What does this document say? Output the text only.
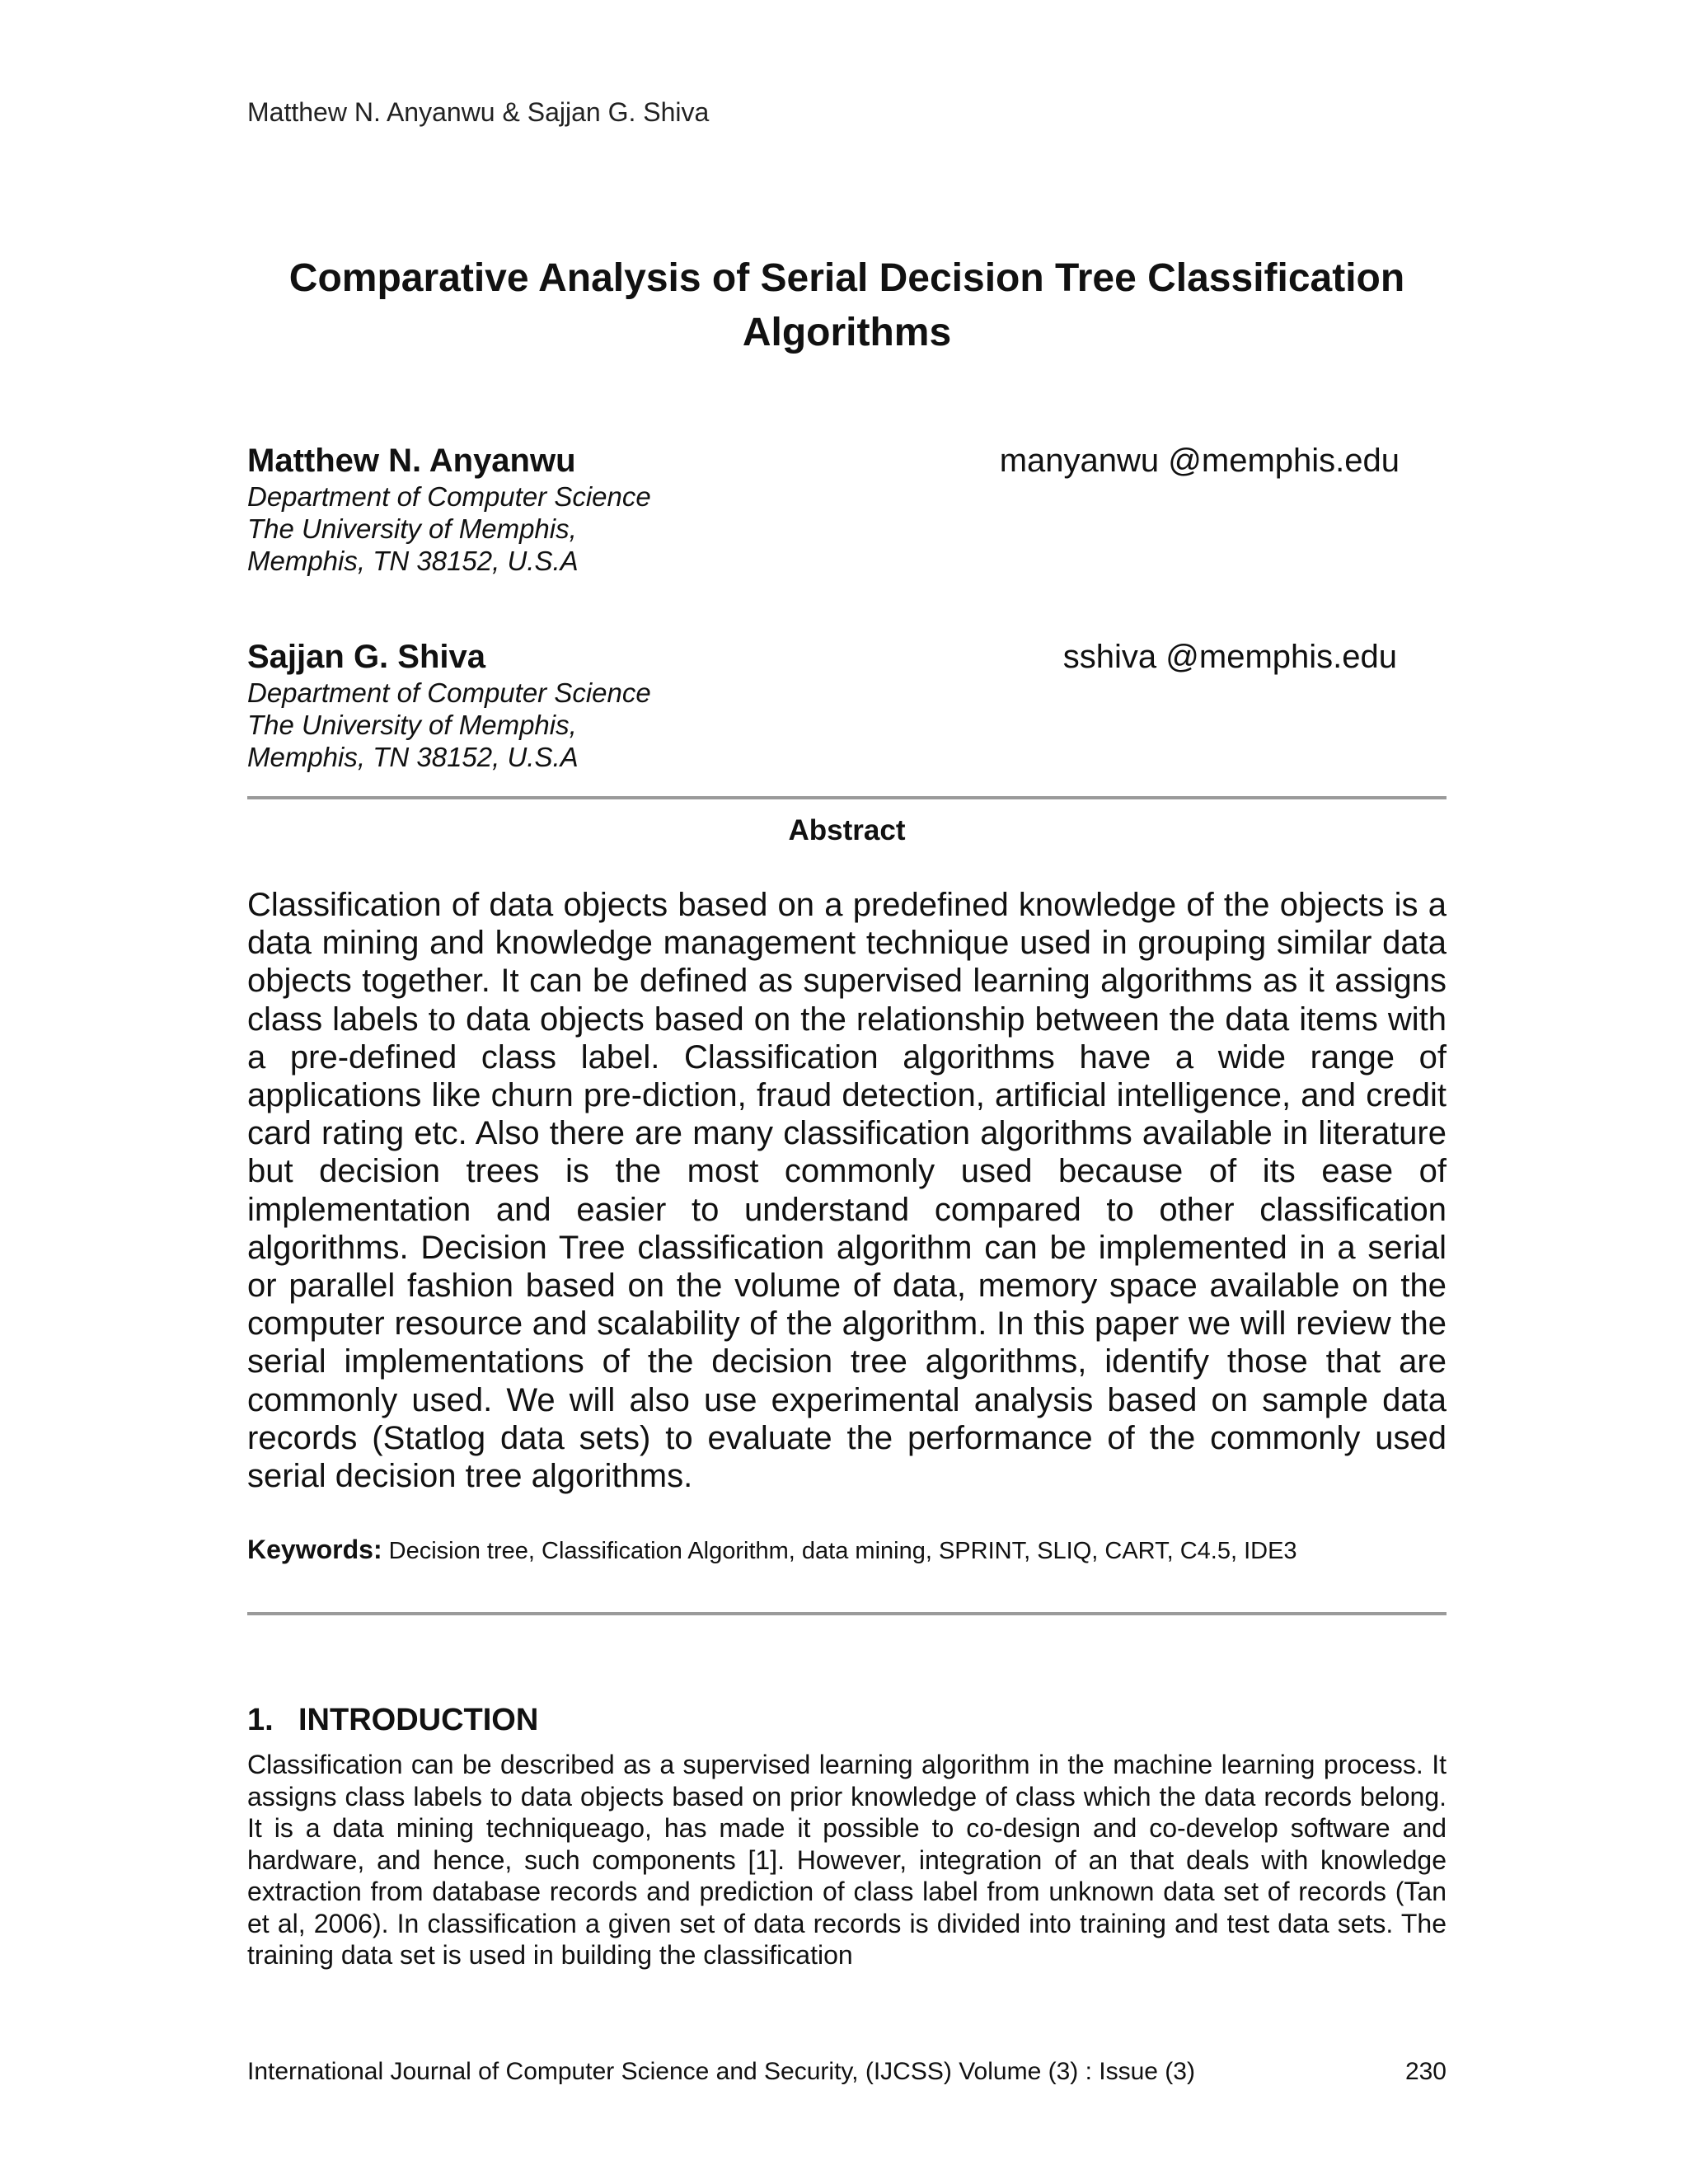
Matthew N. Anyanwu & Sajjan G. Shiva
Comparative Analysis of Serial Decision Tree Classification
Algorithms
Matthew N. Anyanwu	manyanwu @memphis.edu
Department of Computer Science
The University of Memphis,
Memphis, TN 38152, U.S.A
Sajjan G. Shiva	sshiva @memphis.edu
Department of Computer Science
The University of Memphis,
Memphis, TN 38152, U.S.A
Abstract
Classification of data objects based on a predefined knowledge of the objects is a data mining and knowledge management technique used in grouping similar data objects together. It can be defined as supervised learning algorithms as it assigns class labels to data objects based on the relationship between the data items with a pre-defined class label. Classification algorithms have a wide range of applications like churn pre-diction, fraud detection, artificial intelligence, and credit card rating etc. Also there are many classification algorithms available in literature but decision trees is the most commonly used because of its ease of implementation and easier to understand compared to other classification algorithms. Decision Tree classification algorithm can be implemented in a serial or parallel fashion based on the volume of data, memory space available on the computer resource and scalability of the algorithm. In this paper we will review the serial implementations of the decision tree algorithms, identify those that are commonly used. We will also use experimental analysis based on sample data records (Statlog data sets) to evaluate the performance of the commonly used serial decision tree algorithms.
Keywords: Decision tree, Classification Algorithm, data mining, SPRINT, SLIQ, CART, C4.5, IDE3
1. INTRODUCTION
Classification can be described as a supervised learning algorithm in the machine learning process. It assigns class labels to data objects based on prior knowledge of class which the data records belong. It is a data mining techniqueago, has made it possible to co-design and co-develop software and hardware, and hence, such components [1]. However, integration of an that deals with knowledge extraction from database records and prediction of class label from unknown data set of records (Tan et al, 2006). In classification a given set of data records is divided into training and test data sets. The training data set is used in building the classification
International Journal of Computer Science and Security, (IJCSS) Volume (3) : Issue (3)	230
